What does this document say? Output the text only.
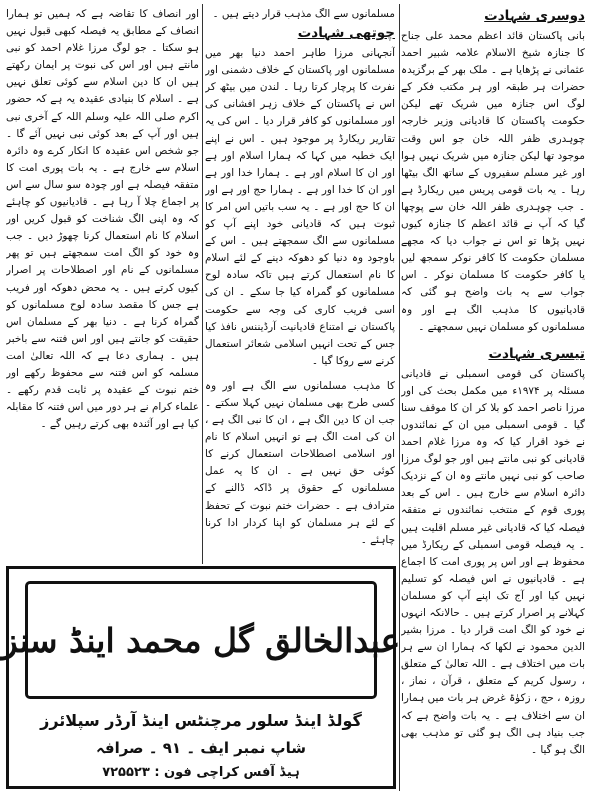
دوسری شہادت

بانی پاکستان قائد اعظم محمد علی جناح کا جنازہ شیخ الاسلام علامہ شبیر احمد عثمانی نے پڑھایا ہے ۔ ملک بھر کے برگزیدہ حضرات ہر طبقہ اور ہر مکتب فکر کے لوگ اس جنازہ میں شریک تھے لیکن حکومت پاکستان کا قادیانی وزیر خارجہ چوہدری ظفر اللہ خان جو اس وقت موجود تھا لیکن جنازہ میں شریک نہیں ہوا اور غیر مسلم سفیروں کے ساتھ الگ بیٹھا رہا ۔ یہ بات قومی پریس میں ریکارڈ ہے ۔ جب چوہدری ظفر اللہ خان سے پوچھا گیا کہ آپ نے قائد اعظم کا جنازہ کیوں نہیں پڑھا تو اس نے جواب دیا کہ مجھے مسلمان حکومت کا کافر نوکر سمجھ لیں یا کافر حکومت کا مسلمان نوکر ۔ اس جواب سے یہ بات واضح ہو گئی کہ قادیانیوں کا مذہب الگ ہے اور وہ مسلمانوں کو مسلمان نہیں سمجھتے ۔

تیسری شہادت

پاکستان کی قومی اسمبلی نے قادیانی مسئلہ پر ۱۹۷۴ء میں مکمل بحث کی اور مرزا ناصر احمد کو بلا کر ان کا موقف سنا گیا ۔ قومی اسمبلی میں ان کے نمائندوں نے خود اقرار کیا کہ وہ مرزا غلام احمد قادیانی کو نبی مانتے ہیں اور جو لوگ مرزا صاحب کو نبی نہیں مانتے وہ ان کے نزدیک دائرہ اسلام سے خارج ہیں ۔ اس کے بعد پوری قوم کے منتخب نمائندوں نے متفقہ فیصلہ کیا کہ قادیانی غیر مسلم اقلیت ہیں ۔ یہ فیصلہ قومی اسمبلی کے ریکارڈ میں محفوظ ہے اور اس پر پوری امت کا اجماع ہے ۔ قادیانیوں نے اس فیصلہ کو تسلیم نہیں کیا اور آج تک اپنے آپ کو مسلمان کہلانے پر اصرار کرتے ہیں ۔ حالانکہ انہوں نے خود کو الگ امت قرار دیا ۔ مرزا بشیر الدین محمود نے لکھا کہ ہمارا ان سے ہر بات میں اختلاف ہے ۔ اللہ تعالیٰ کے متعلق ، رسول کریم کے متعلق ، قرآن ، نماز ، روزہ ، حج ، زکوٰۃ غرض ہر بات میں ہمارا ان سے اختلاف ہے ۔ یہ بات واضح ہے کہ جب بنیاد ہی الگ ہو گئی تو مذہب بھی الگ ہو گیا ۔

مسلمانوں سے الگ مذہب قرار دیتے ہیں ۔

چوتھی شہادت

آنجہانی مرزا طاہر احمد دنیا بھر میں مسلمانوں اور پاکستان کے خلاف دشمنی اور نفرت کا پرچار کرتا رہا ۔ لندن میں بیٹھ کر اس نے پاکستان کے خلاف زہر افشانی کی اور مسلمانوں کو کافر قرار دیا ۔ اس کی یہ تقاریر ریکارڈ پر موجود ہیں ۔ اس نے اپنے ایک خطبہ میں کہا کہ ہمارا اسلام اور ہے اور ان کا اسلام اور ہے ۔ ہمارا خدا اور ہے اور ان کا خدا اور ہے ۔ ہمارا حج اور ہے اور ان کا حج اور ہے ۔ یہ سب باتیں اس امر کا ثبوت ہیں کہ قادیانی خود اپنے آپ کو مسلمانوں سے الگ سمجھتے ہیں ۔ اس کے باوجود وہ دنیا کو دھوکہ دینے کے لئے اسلام کا نام استعمال کرتے ہیں تاکہ سادہ لوح مسلمانوں کو گمراہ کیا جا سکے ۔ ان کی اسی فریب کاری کی وجہ سے حکومت پاکستان نے امتناع قادیانیت آرڈیننس نافذ کیا جس کے تحت انہیں اسلامی شعائر استعمال کرنے سے روکا گیا ۔

کا مذہب مسلمانوں سے الگ ہے اور وہ کسی طرح بھی مسلمان نہیں کہلا سکتے ۔ جب ان کا دین الگ ہے ، ان کا نبی الگ ہے ، ان کی امت الگ ہے تو انہیں اسلام کا نام اور اسلامی اصطلاحات استعمال کرنے کا کوئی حق نہیں ہے ۔ ان کا یہ عمل مسلمانوں کے حقوق پر ڈاکہ ڈالنے کے مترادف ہے ۔ حضرات ختم نبوت کے تحفظ کے لئے ہر مسلمان کو اپنا کردار ادا کرنا چاہئے ۔

اور انصاف کا تقاضہ ہے کہ ہمیں تو ہمارا انصاف کے مطابق یہ فیصلہ کبھی قبول نہیں ہو سکتا ۔ جو لوگ مرزا غلام احمد کو نبی مانتے ہیں اور اس کی نبوت پر ایمان رکھتے ہیں ان کا دین اسلام سے کوئی تعلق نہیں ہے ۔ اسلام کا بنیادی عقیدہ یہ ہے کہ حضور اکرم صلی اللہ علیہ وسلم اللہ کے آخری نبی ہیں اور آپ کے بعد کوئی نبی نہیں آئے گا ۔ جو شخص اس عقیدہ کا انکار کرے وہ دائرہ اسلام سے خارج ہے ۔ یہ بات پوری امت کا متفقہ فیصلہ ہے اور چودہ سو سال سے اس پر اجماع چلا آ رہا ہے ۔ قادیانیوں کو چاہئے کہ وہ اپنی الگ شناخت کو قبول کریں اور اسلام کا نام استعمال کرنا چھوڑ دیں ۔ جب وہ خود کو الگ امت سمجھتے ہیں تو پھر مسلمانوں کے نام اور اصطلاحات پر اصرار کیوں کرتے ہیں ۔ یہ محض دھوکہ اور فریب ہے جس کا مقصد سادہ لوح مسلمانوں کو گمراہ کرنا ہے ۔ دنیا بھر کے مسلمان اس حقیقت کو جانتے ہیں اور اس فتنہ سے باخبر ہیں ۔ ہماری دعا ہے کہ اللہ تعالیٰ امت مسلمہ کو اس فتنہ سے محفوظ رکھے اور ختم نبوت کے عقیدہ پر ثابت قدم رکھے ۔ علماء کرام نے ہر دور میں اس فتنہ کا مقابلہ کیا ہے اور آئندہ بھی کرتے رہیں گے ۔

عبدالخالق گل محمد اینڈ سنز
گولڈ اینڈ سلور مرچنٹس اینڈ آرڈر سپلائرز
شاپ نمبر ایف ۔ ۹۱ ۔ صرافہ
ہیڈ آفس کراچی فون : ۷۲۵۵۲۳
